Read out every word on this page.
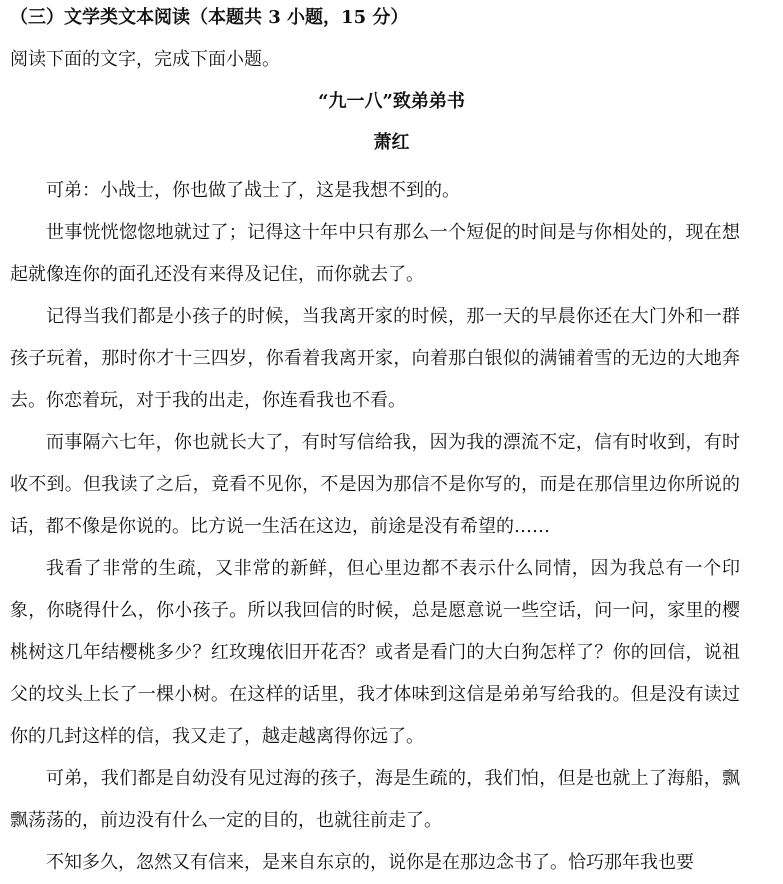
（三）文学类文本阅读（本题共 3 小题，15 分）
阅读下面的文字，完成下面小题。
“九一八”致弟弟书
萧红

可弟：小战士，你也做了战士了，这是我想不到的。

世事恍恍惚惚地就过了；记得这十年中只有那么一个短促的时间是与你相处的，现在想起就像连你的面孔还没有来得及记住，而你就去了。

记得当我们都是小孩子的时候，当我离开家的时候，那一天的早晨你还在大门外和一群孩子玩着，那时你才十三四岁，你看着我离开家，向着那白银似的满铺着雪的无边的大地奔去。你恋着玩，对于我的出走，你连看我也不看。

而事隔六七年，你也就长大了，有时写信给我，因为我的漂流不定，信有时收到，有时收不到。但我读了之后，竟看不见你，不是因为那信不是你写的，而是在那信里边你所说的话，都不像是你说的。比方说一生活在这边，前途是没有希望的……

我看了非常的生疏，又非常的新鲜，但心里边都不表示什么同情，因为我总有一个印象，你晓得什么，你小孩子。所以我回信的时候，总是愿意说一些空话，问一问，家里的樱桃树这几年结樱桃多少？红玫瑰依旧开花否？或者是看门的大白狗怎样了？你的回信，说祖父的坟头上长了一棵小树。在这样的话里，我才体味到这信是弟弟写给我的。但是没有读过你的几封这样的信，我又走了，越走越离得你远了。

可弟，我们都是自幼没有见过海的孩子，海是生疏的，我们怕，但是也就上了海船，飘飘荡荡的，前边没有什么一定的目的，也就往前走了。

不知多久，忽然又有信来，是来自东京的，说你是在那边念书了。恰巧那年我也要
